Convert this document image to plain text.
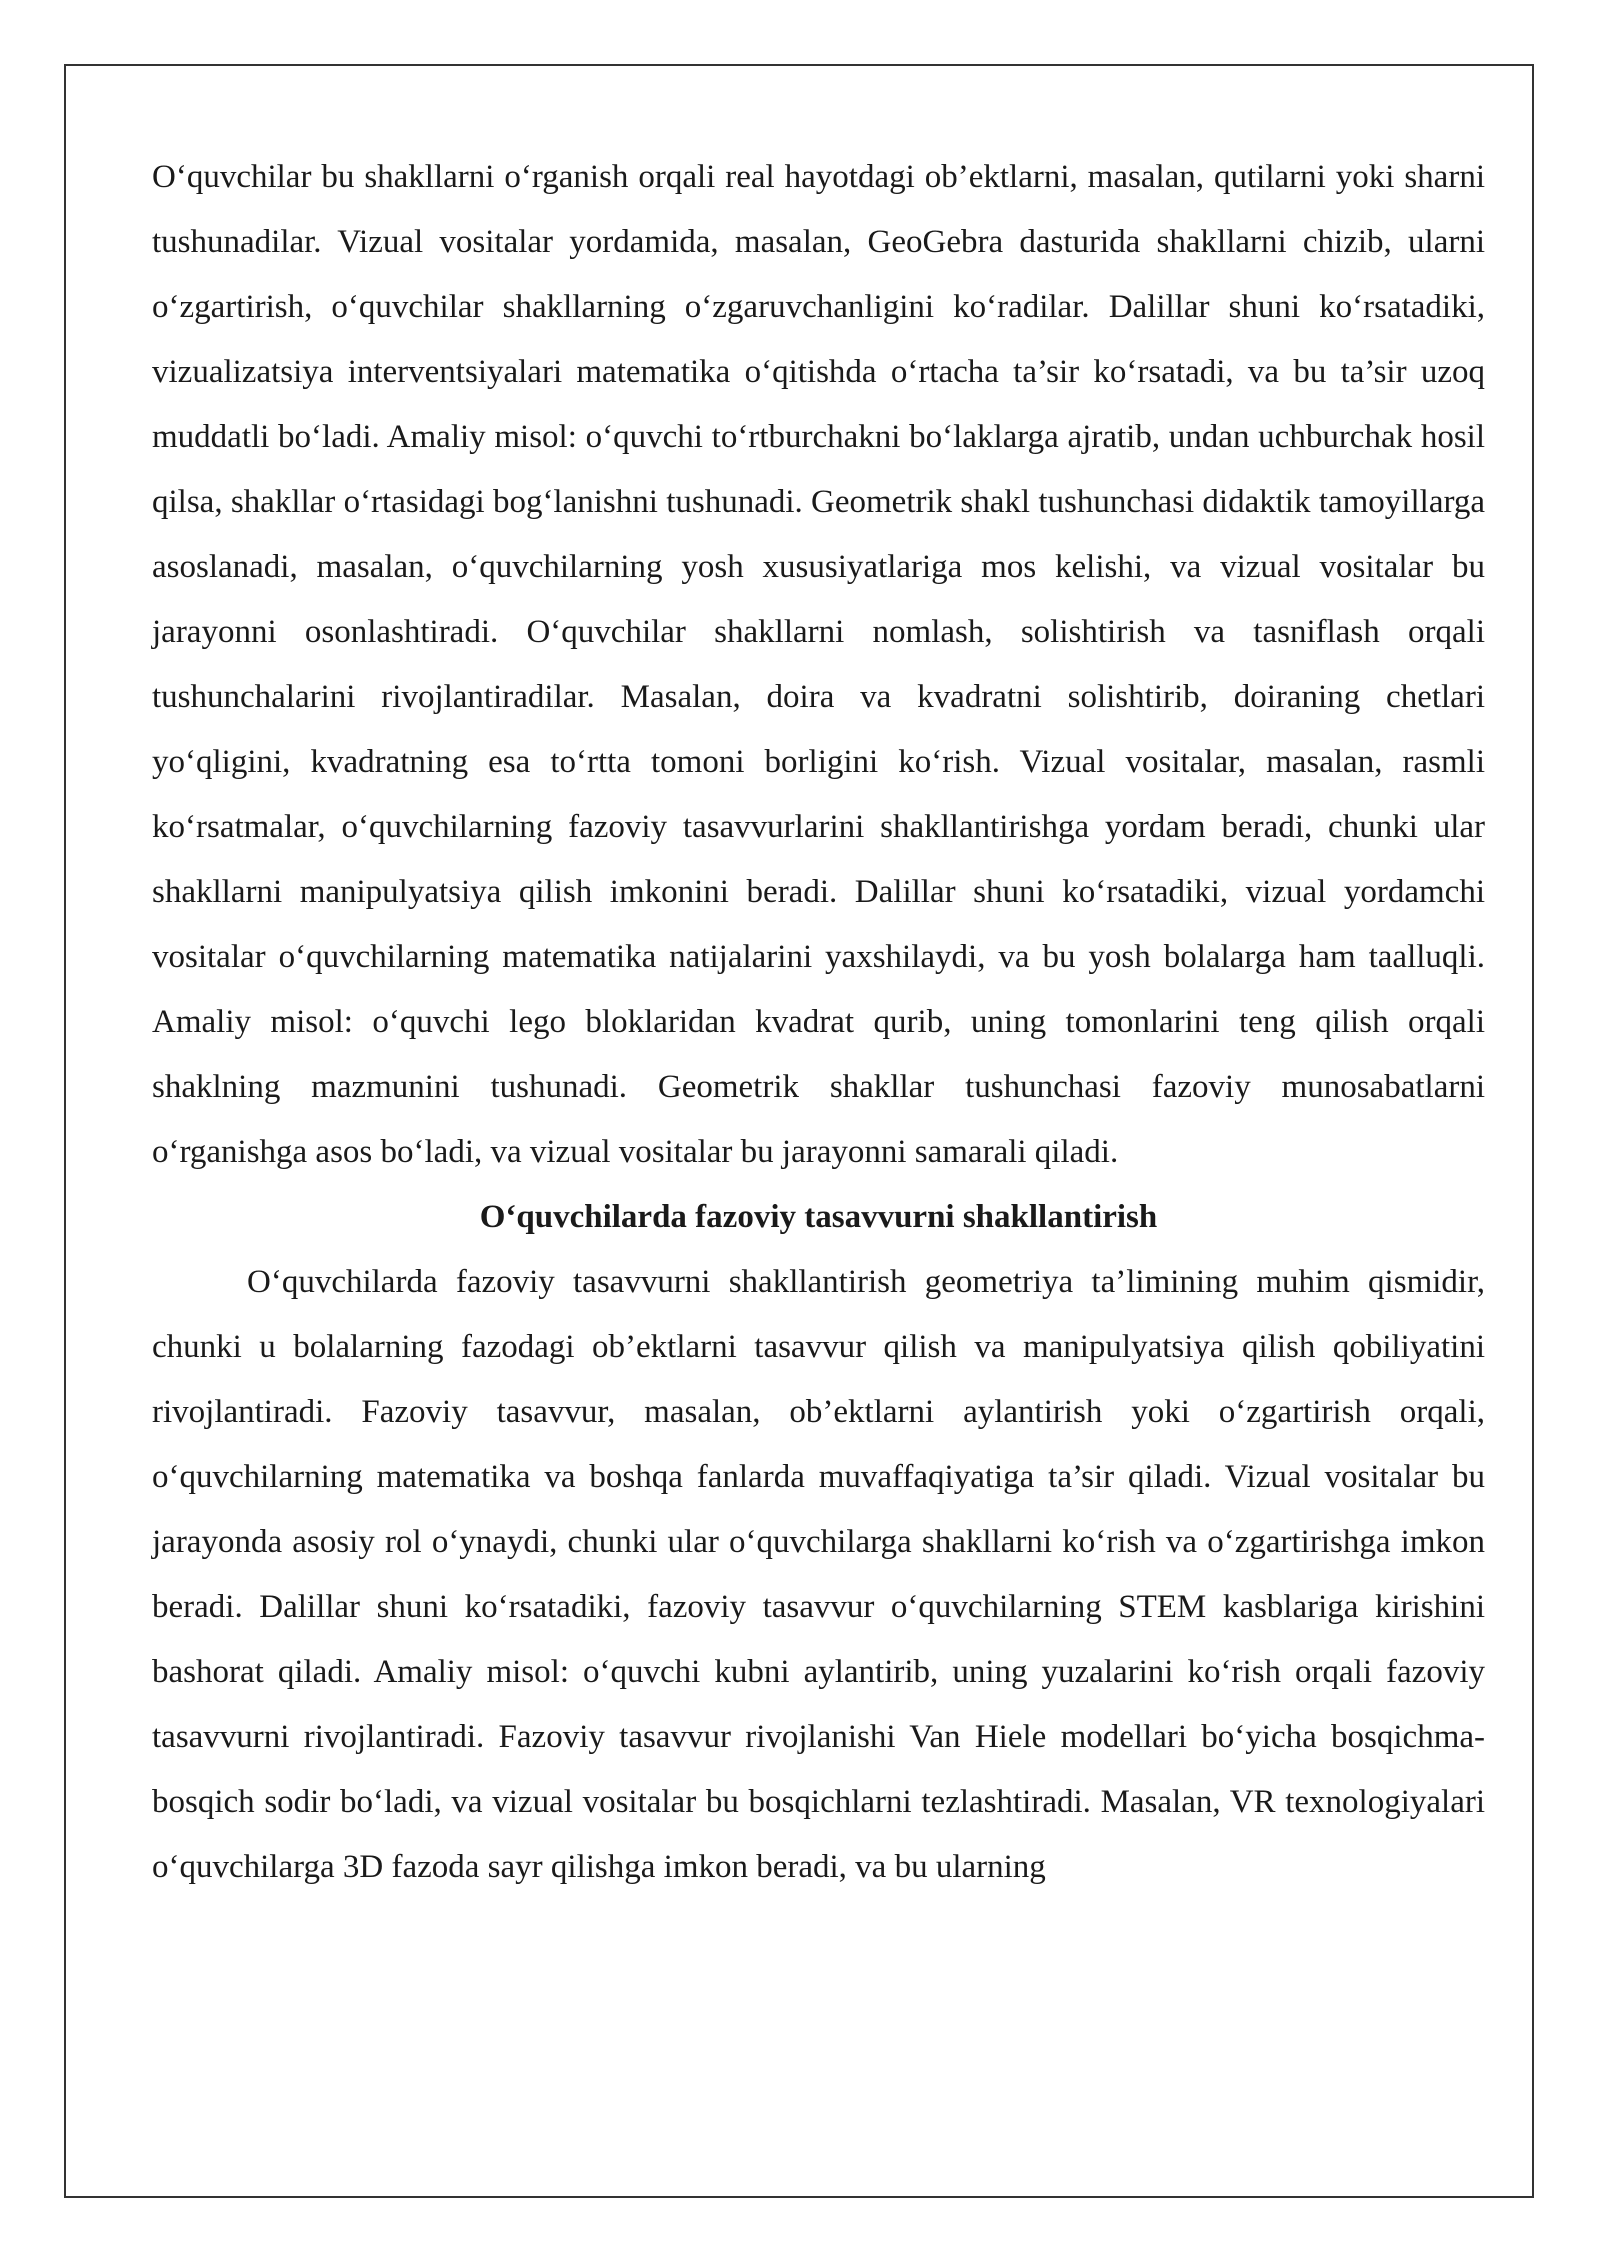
O‘quvchilar bu shakllarni o‘rganish orqali real hayotdagi ob’ektlarni, masalan, qutilarni yoki sharni tushunadilar. Vizual vositalar yordamida, masalan, GeoGebra dasturida shakllarni chizib, ularni o‘zgartirish, o‘quvchilar shakllarning o‘zgaruvchanligini ko‘radilar. Dalillar shuni ko‘rsatadiki, vizualizatsiya interventsiyalari matematika o‘qitishda o‘rtacha ta’sir ko‘rsatadi, va bu ta’sir uzoq muddatli bo‘ladi. Amaliy misol: o‘quvchi to‘rtburchakni bo‘laklarga ajratib, undan uchburchak hosil qilsa, shakllar o‘rtasidagi bog‘lanishni tushunadi. Geometrik shakl tushunchasi didaktik tamoyillarga asoslanadi, masalan, o‘quvchilarning yosh xususiyatlariga mos kelishi, va vizual vositalar bu jarayonni osonlashtiradi. O‘quvchilar shakllarni nomlash, solishtirish va tasniflash orqali tushunchalarini rivojlantiradilar. Masalan, doira va kvadratni solishtirib, doiraning chetlari yo‘qligini, kvadratning esa to‘rtta tomoni borligini ko‘rish. Vizual vositalar, masalan, rasmli ko‘rsatmalar, o‘quvchilarning fazoviy tasavvurlarini shakllantirishga yordam beradi, chunki ular shakllarni manipulyatsiya qilish imkonini beradi. Dalillar shuni ko‘rsatadiki, vizual yordamchi vositalar o‘quvchilarning matematika natijalarini yaxshilaydi, va bu yosh bolalarga ham taalluqli. Amaliy misol: o‘quvchi lego bloklaridan kvadrat qurib, uning tomonlarini teng qilish orqali shaklning mazmunini tushunadi. Geometrik shakllar tushunchasi fazoviy munosabatlarni o‘rganishga asos bo‘ladi, va vizual vositalar bu jarayonni samarali qiladi.

O‘quvchilarda fazoviy tasavvurni shakllantirish

O‘quvchilarda fazoviy tasavvurni shakllantirish geometriya ta’limining muhim qismidir, chunki u bolalarning fazodagi ob’ektlarni tasavvur qilish va manipulyatsiya qilish qobiliyatini rivojlantiradi. Fazoviy tasavvur, masalan, ob’ektlarni aylantirish yoki o‘zgartirish orqali, o‘quvchilarning matematika va boshqa fanlarda muvaffaqiyatiga ta’sir qiladi. Vizual vositalar bu jarayonda asosiy rol o‘ynaydi, chunki ular o‘quvchilarga shakllarni ko‘rish va o‘zgartirishga imkon beradi. Dalillar shuni ko‘rsatadiki, fazoviy tasavvur o‘quvchilarning STEM kasblariga kirishini bashorat qiladi. Amaliy misol: o‘quvchi kubni aylantirib, uning yuzalarini ko‘rish orqali fazoviy tasavvurni rivojlantiradi. Fazoviy tasavvur rivojlanishi Van Hiele modellari bo‘yicha bosqichma-bosqich sodir bo‘ladi, va vizual vositalar bu bosqichlarni tezlashtiradi. Masalan, VR texnologiyalari o‘quvchilarga 3D fazoda sayr qilishga imkon beradi, va bu ularning
